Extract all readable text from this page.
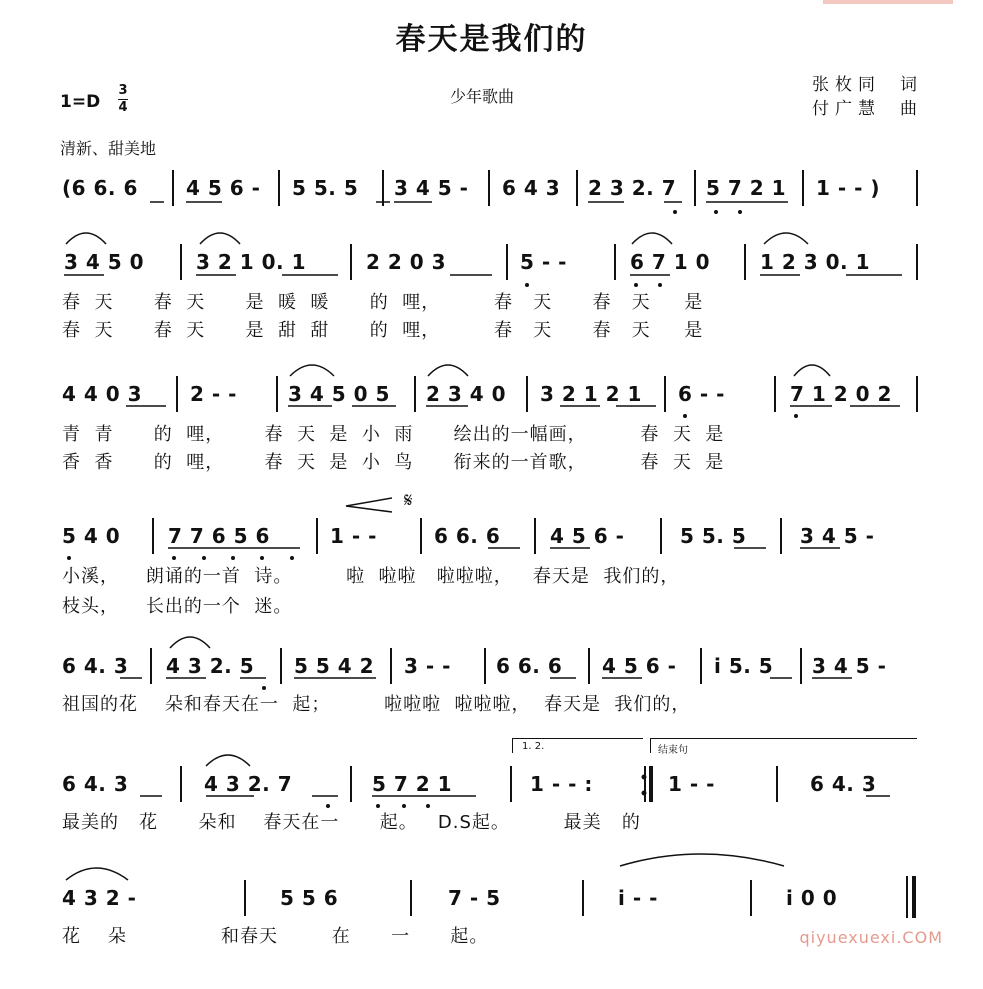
春天是我们的
1=D
3
4
少年歌曲
张枚同 词
付广慧 曲
清新、甜美地
(6 6. 6 4 5 6 - 5 5. 5 3 4 5 - 6 4 3 2 3 2. 7 5 7 2 1 1 - - )
3 4 5 0	3 2 1 0. 1	2 2 0 3	5 - -	6 7 1 0 1 2 3 0. 1
春  天      春  天      是  暖  暖      的  哩，        春   天      春   天     是
春  天      春  天      是  甜  甜      的  哩，        春   天      春   天     是
4 4 0 3 2 - -	3 4 5 0 5 2 3 4 0 3 2 1 2 1 6 - -	7 1 2 0 2
青  青      的  哩，      春  天  是  小  雨      绘出的一幅画，        春  天  是
香  香      的  哩，      春  天  是  小  鸟      衔来的一首歌，        春  天  是
𝄋
5 4 0 7 7 6 5 6	1 - -	6 6. 6 4 5 6 -	5 5. 5	3 4 5 -
小溪，    朗诵的一首  诗。        啦  啦啦   啦啦啦，   春天是  我们的，
枝头，    长出的一个  迷。
6 4. 3 4 3 2. 5 5 5 4 2 3 - - 6 6. 6 4 5 6 - i 5. 5 3 4 5 -
祖国的花    朵和春天在一  起；        啦啦啦  啦啦啦，  春天是  我们的，
1. 2.	结束句
6 4. 3	4 3 2. 7	5 7 2 1	1 - - :	1 - -	6 4. 3
最美的   花      朵和    春天在一      起。   D.S起。        最美   的
4 3 2 -	5 5 6	7 - 5	i - -	i 0 0
花    朵              和春天        在      一      起。	qiyuexuexi.COM
